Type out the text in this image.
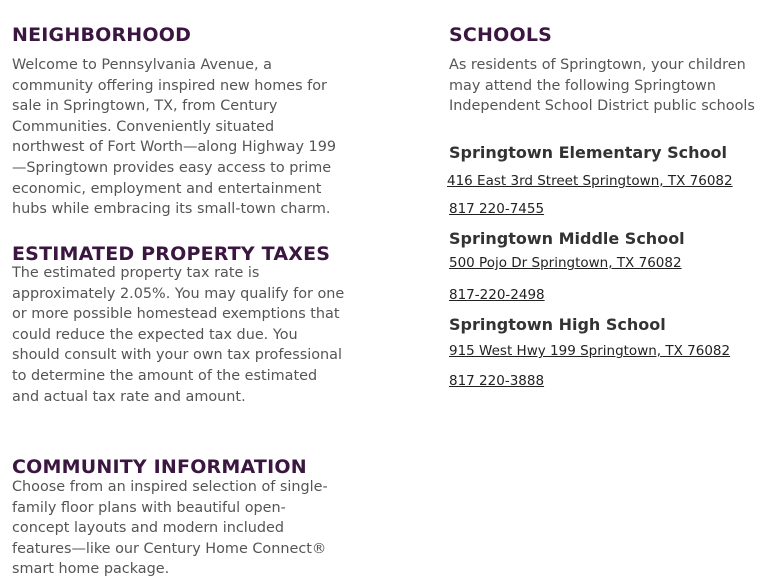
NEIGHBORHOOD

Welcome to Pennsylvania Avenue, a
community offering inspired new homes for
sale in Springtown, TX, from Century
Communities. Conveniently situated
northwest of Fort Worth—along Highway 199
—Springtown provides easy access to prime
economic, employment and entertainment
hubs while embracing its small-town charm.

ESTIMATED PROPERTY TAXES

The estimated property tax rate is
approximately 2.05%. You may qualify for one
or more possible homestead exemptions that
could reduce the expected tax due. You
should consult with your own tax professional
to determine the amount of the estimated
and actual tax rate and amount.

COMMUNITY INFORMATION

Choose from an inspired selection of single-
family floor plans with beautiful open-
concept layouts and modern included
features—like our Century Home Connect®
smart home package.

SCHOOLS

As residents of Springtown, your children
may attend the following Springtown
Independent School District public schools

Springtown Elementary School
416 East 3rd Street Springtown, TX 76082
817 220-7455
Springtown Middle School
500 Pojo Dr Springtown, TX 76082
817-220-2498
Springtown High School
915 West Hwy 199 Springtown, TX 76082
817 220-3888
